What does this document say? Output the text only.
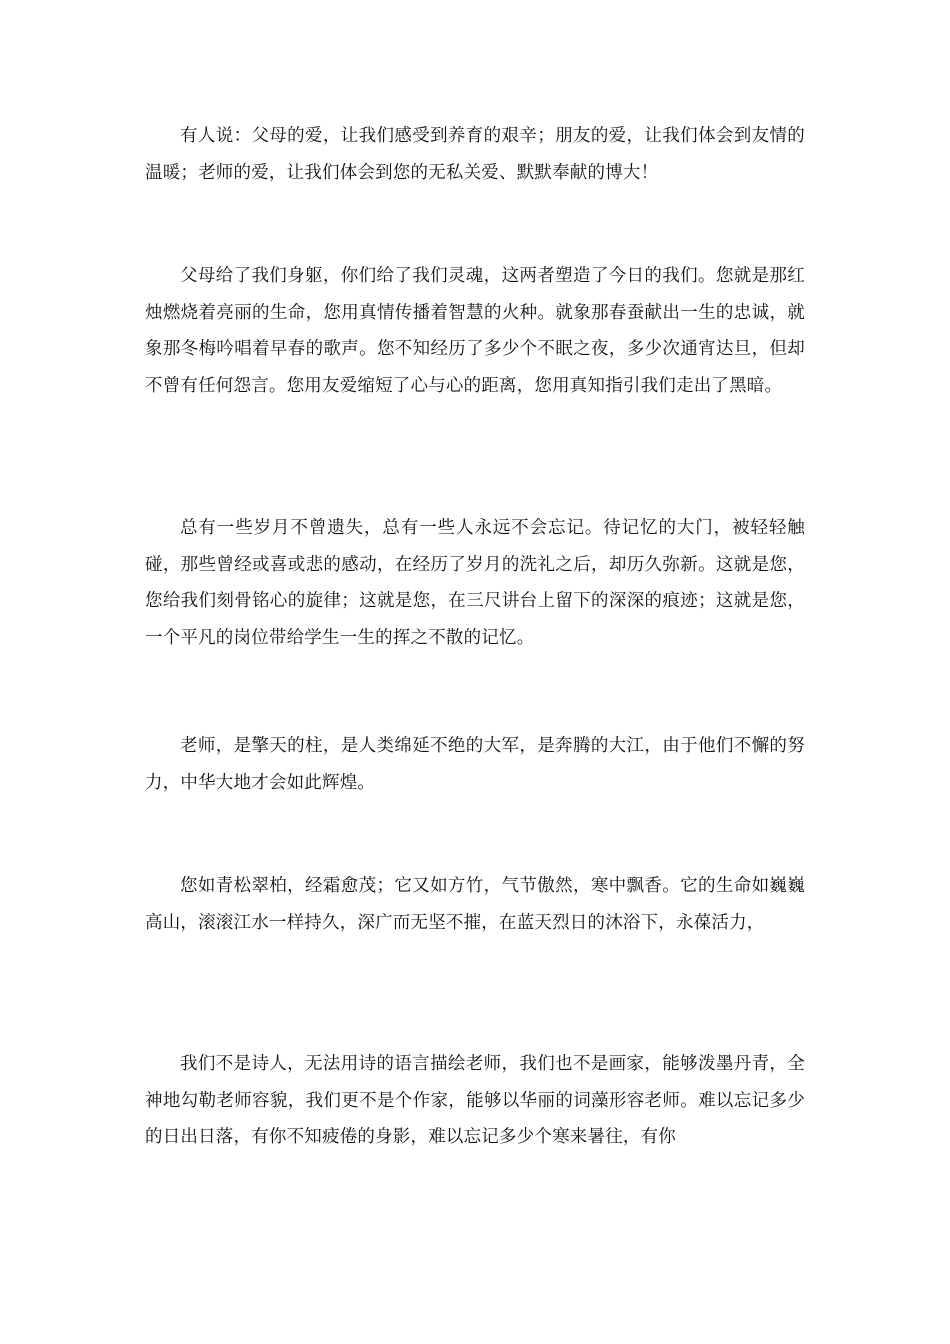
有人说：父母的爱，让我们感受到养育的艰辛；朋友的爱，让我们体会到友情的温暖；老师的爱，让我们体会到您的无私关爱、默默奉献的博大！

父母给了我们身躯，你们给了我们灵魂，这两者塑造了今日的我们。您就是那红烛燃烧着亮丽的生命，您用真情传播着智慧的火种。就象那春蚕献出一生的忠诚，就象那冬梅吟唱着早春的歌声。您不知经历了多少个不眠之夜，多少次通宵达旦，但却不曾有任何怨言。您用友爱缩短了心与心的距离，您用真知指引我们走出了黑暗。

总有一些岁月不曾遗失，总有一些人永远不会忘记。待记忆的大门，被轻轻触碰，那些曾经或喜或悲的感动，在经历了岁月的洗礼之后，却历久弥新。这就是您，您给我们刻骨铭心的旋律；这就是您，在三尺讲台上留下的深深的痕迹；这就是您，一个平凡的岗位带给学生一生的挥之不散的记忆。

老师，是擎天的柱，是人类绵延不绝的大军，是奔腾的大江，由于他们不懈的努力，中华大地才会如此辉煌。

您如青松翠柏，经霜愈茂；它又如方竹，气节傲然，寒中飘香。它的生命如巍巍高山，滚滚江水一样持久，深广而无坚不摧，在蓝天烈日的沐浴下，永葆活力，

我们不是诗人，无法用诗的语言描绘老师，我们也不是画家，能够泼墨丹青，全神地勾勒老师容貌，我们更不是个作家，能够以华丽的词藻形容老师。难以忘记多少的日出日落，有你不知疲倦的身影，难以忘记多少个寒来暑往，有你
